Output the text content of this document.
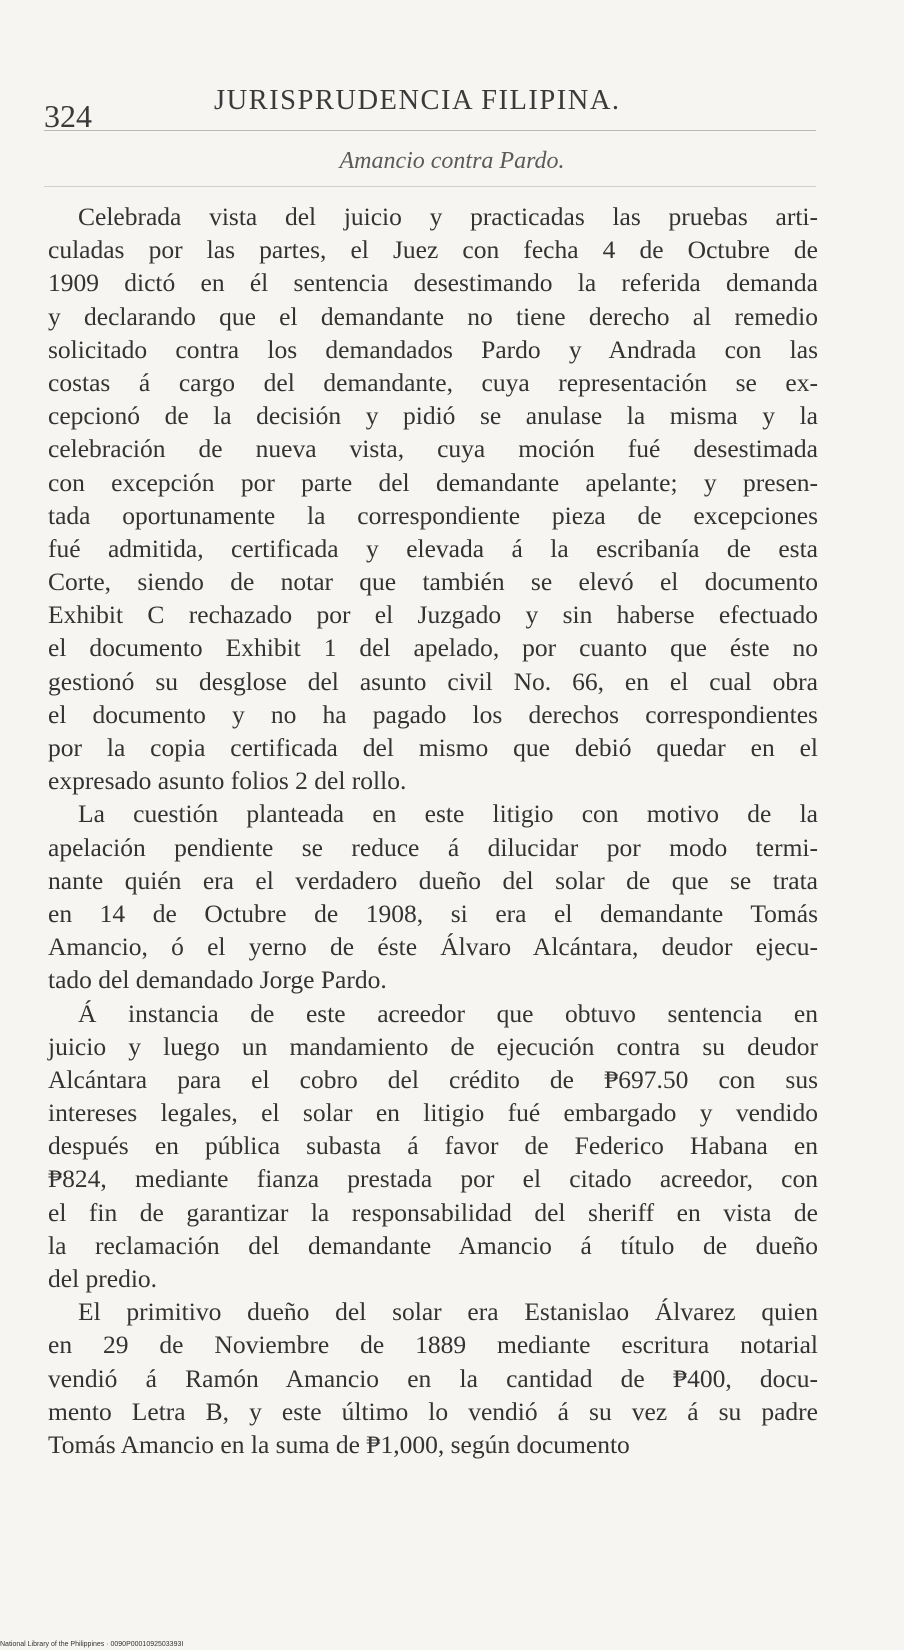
324	JURISPRUDENCIA FILIPINA.
Amancio contra Pardo.
Celebrada vista del juicio y practicadas las pruebas arti-
culadas por las partes, el Juez con fecha 4 de Octubre de
1909 dictó en él sentencia desestimando la referida demanda
y declarando que el demandante no tiene derecho al remedio
solicitado contra los demandados Pardo y Andrada con las
costas á cargo del demandante, cuya representación se ex-
cepcionó de la decisión y pidió se anulase la misma y la
celebración de nueva vista, cuya moción fué desestimada
con excepción por parte del demandante apelante; y presen-
tada oportunamente la correspondiente pieza de excepciones
fué admitida, certificada y elevada á la escribanía de esta
Corte, siendo de notar que también se elevó el documento
Exhibit C rechazado por el Juzgado y sin haberse efectuado
el documento Exhibit 1 del apelado, por cuanto que éste no
gestionó su desglose del asunto civil No. 66, en el cual obra
el documento y no ha pagado los derechos correspondientes
por la copia certificada del mismo que debió quedar en el
expresado asunto folios 2 del rollo.
La cuestión planteada en este litigio con motivo de la
apelación pendiente se reduce á dilucidar por modo termi-
nante quién era el verdadero dueño del solar de que se trata
en 14 de Octubre de 1908, si era el demandante Tomás
Amancio, ó el yerno de éste Álvaro Alcántara, deudor ejecu-
tado del demandado Jorge Pardo.
Á instancia de este acreedor que obtuvo sentencia en
juicio y luego un mandamiento de ejecución contra su deudor
Alcántara para el cobro del crédito de ₱697.50 con sus
intereses legales, el solar en litigio fué embargado y vendido
después en pública subasta á favor de Federico Habana en
₱824, mediante fianza prestada por el citado acreedor, con
el fin de garantizar la responsabilidad del sheriff en vista de
la reclamación del demandante Amancio á título de dueño
del predio.
El primitivo dueño del solar era Estanislao Álvarez quien
en 29 de Noviembre de 1889 mediante escritura notarial
vendió á Ramón Amancio en la cantidad de ₱400, docu-
mento Letra B, y este último lo vendió á su vez á su padre
Tomás Amancio en la suma de ₱1,000, según documento
National Library of the Philippines · 0090P0001092503393I
